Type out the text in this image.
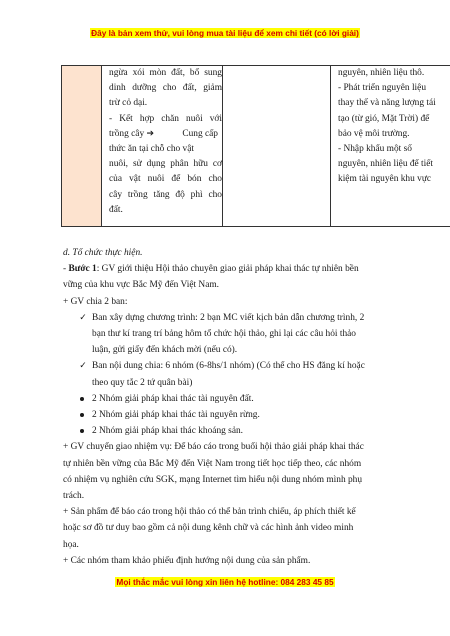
Đây là bản xem thử, vui lòng mua tài liệu để xem chi tiết (có lời giải)

ngừa xói mòn đất, bổ sung
dinh dưỡng cho đất, giảm
trừ cỏ dại.
- Kết hợp chăn nuôi với
trồng cây ➔	Cung cấp
thức ăn tại chỗ cho vật
nuôi, sử dụng phân hữu cơ
của vật nuôi để bón cho
cây trồng tăng độ phì cho
đất.

nguyên, nhiên liệu thô.
- Phát triển nguyên liệu
thay thế và năng lượng tái
tạo (từ gió, Mặt Trời) để
bảo vệ môi trường.
- Nhập khẩu một số
nguyên, nhiên liệu để tiết
kiệm tài nguyên khu vực
d. Tổ chức thực hiện.
- Bước 1: GV giới thiệu Hội thảo chuyên giao giải pháp khai thác tự nhiên bền
vững của khu vực Bắc Mỹ đến Việt Nam.
+ GV chia 2 ban:
✓ Ban xây dựng chương trình: 2 bạn MC viết kịch bản dẫn chương trình, 2
bạn thư kí trang trí bảng hôm tổ chức hội thảo, ghi lại các câu hỏi thảo
luận, gửi giấy đến khách mời (nếu có).
✓ Ban nội dung chia: 6 nhóm (6-8hs/1 nhóm) (Có thể cho HS đăng kí hoặc
theo quy tắc 2 tứ quân bài)
2 Nhóm giải pháp khai thác tài nguyên đất.
2 Nhóm giải pháp khai thác tài nguyên rừng.
2 Nhóm giải pháp khai thác khoáng sản.
+ GV chuyển giao nhiệm vụ: Để báo cáo trong buổi hội thảo giải pháp khai thác
tự nhiên bền vững của Bắc Mỹ đến Việt Nam trong tiết học tiếp theo, các nhóm
có nhiệm vụ nghiên cứu SGK, mạng Internet tìm hiểu nội dung nhóm mình phụ
trách.
+ Sản phẩm để báo cáo trong hội thảo có thể bản trình chiếu, áp phích thiết kế
hoặc sơ đồ tư duy bao gồm cả nội dung kênh chữ và các hình ảnh video minh
họa.
+ Các nhóm tham khảo phiếu định hướng nội dung của sản phẩm.
Mọi thắc mắc vui lòng xin liên hệ hotline: 084 283 45 85
